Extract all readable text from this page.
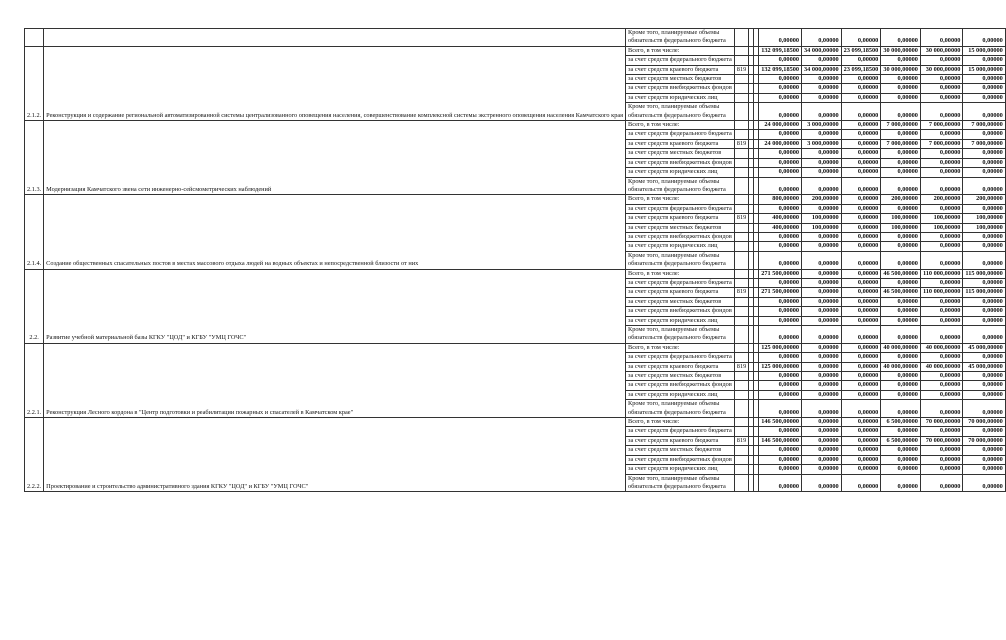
		Кроме того, планируемые объемы
обязательств федерального бюджета				0,00000	0,00000	0,00000	0,00000	0,00000	0,00000
2.1.2.	Реконструкция и содержание региональной автоматизированной системы централизованного оповещения населения, совершенствование комплексной системы экстренного оповещения населения Камчатского края	Всего, в том числе:				132 099,18500	34 000,00000	23 099,18500	30 000,00000	30 000,00000	15 000,00000
		за счет средств федерального бюджета				0,00000	0,00000	0,00000	0,00000	0,00000	0,00000
		за счет средств краевого бюджета	819			132 099,18500	34 000,00000	23 099,18500	30 000,00000	30 000,00000	15 000,00000
		за счет средств местных бюджетов				0,00000	0,00000	0,00000	0,00000	0,00000	0,00000
		за счет средств внебюджетных фондов				0,00000	0,00000	0,00000	0,00000	0,00000	0,00000
		за счет средств юридических лиц				0,00000	0,00000	0,00000	0,00000	0,00000	0,00000

		Кроме того, планируемые объемы
обязательств федерального бюджета				0,00000	0,00000	0,00000	0,00000	0,00000	0,00000
2.1.3.	Модернизация Камчатского звена сети инженерно-сейсмометрических наблюдений	Всего, в том числе:				24 000,00000	3 000,00000	0,00000	7 000,00000	7 000,00000	7 000,00000
		за счет средств федерального бюджета				0,00000	0,00000	0,00000	0,00000	0,00000	0,00000
		за счет средств краевого бюджета	819			24 000,00000	3 000,00000	0,00000	7 000,00000	7 000,00000	7 000,00000
		за счет средств местных бюджетов				0,00000	0,00000	0,00000	0,00000	0,00000	0,00000
		за счет средств внебюджетных фондов				0,00000	0,00000	0,00000	0,00000	0,00000	0,00000
		за счет средств юридических лиц				0,00000	0,00000	0,00000	0,00000	0,00000	0,00000

		Кроме того, планируемые объемы
обязательств федерального бюджета				0,00000	0,00000	0,00000	0,00000	0,00000	0,00000
2.1.4.	Создание общественных спасательных постов в местах массового отдыха людей на водных объектах и непосредственной близости от них	Всего, в том числе:				800,00000	200,00000	0,00000	200,00000	200,00000	200,00000
		за счет средств федерального бюджета				0,00000	0,00000	0,00000	0,00000	0,00000	0,00000
		за счет средств краевого бюджета	819			400,00000	100,00000	0,00000	100,00000	100,00000	100,00000
		за счет средств местных бюджетов				400,00000	100,00000	0,00000	100,00000	100,00000	100,00000
		за счет средств внебюджетных фондов				0,00000	0,00000	0,00000	0,00000	0,00000	0,00000
		за счет средств юридических лиц				0,00000	0,00000	0,00000	0,00000	0,00000	0,00000

		Кроме того, планируемые объемы
обязательств федерального бюджета				0,00000	0,00000	0,00000	0,00000	0,00000	0,00000
2.2.	Развитие учебной материальной базы КГКУ "ЦОД" и КГБУ "УМЦ ГОЧС"	Всего, в том числе:				271 500,00000	0,00000	0,00000	46 500,00000	110 000,00000	115 000,00000
		за счет средств федерального бюджета				0,00000	0,00000	0,00000	0,00000	0,00000	0,00000
		за счет средств краевого бюджета	819			271 500,00000	0,00000	0,00000	46 500,00000	110 000,00000	115 000,00000
		за счет средств местных бюджетов				0,00000	0,00000	0,00000	0,00000	0,00000	0,00000
		за счет средств внебюджетных фондов				0,00000	0,00000	0,00000	0,00000	0,00000	0,00000
		за счет средств юридических лиц				0,00000	0,00000	0,00000	0,00000	0,00000	0,00000

		Кроме того, планируемые объемы
обязательств федерального бюджета				0,00000	0,00000	0,00000	0,00000	0,00000	0,00000
2.2.1.	Реконструкция Лесного кордона в "Центр подготовки и реабилитации пожарных и спасателей в Камчатском крае"	Всего, в том числе:				125 000,00000	0,00000	0,00000	40 000,00000	40 000,00000	45 000,00000
		за счет средств федерального бюджета				0,00000	0,00000	0,00000	0,00000	0,00000	0,00000
		за счет средств краевого бюджета	819			125 000,00000	0,00000	0,00000	40 000,00000	40 000,00000	45 000,00000
		за счет средств местных бюджетов				0,00000	0,00000	0,00000	0,00000	0,00000	0,00000
		за счет средств внебюджетных фондов				0,00000	0,00000	0,00000	0,00000	0,00000	0,00000
		за счет средств юридических лиц				0,00000	0,00000	0,00000	0,00000	0,00000	0,00000

		Кроме того, планируемые объемы
обязательств федерального бюджета				0,00000	0,00000	0,00000	0,00000	0,00000	0,00000
2.2.2.	Проектирование и строительство административного здания КГКУ "ЦОД" и КГБУ "УМЦ ГОЧС"	Всего, в том числе:				146 500,00000	0,00000	0,00000	6 500,00000	70 000,00000	70 000,00000
		за счет средств федерального бюджета				0,00000	0,00000	0,00000	0,00000	0,00000	0,00000
		за счет средств краевого бюджета	819			146 500,00000	0,00000	0,00000	6 500,00000	70 000,00000	70 000,00000
		за счет средств местных бюджетов				0,00000	0,00000	0,00000	0,00000	0,00000	0,00000
		за счет средств внебюджетных фондов				0,00000	0,00000	0,00000	0,00000	0,00000	0,00000
		за счет средств юридических лиц				0,00000	0,00000	0,00000	0,00000	0,00000	0,00000

		Кроме того, планируемые объемы
обязательств федерального бюджета				0,00000	0,00000	0,00000	0,00000	0,00000	0,00000
